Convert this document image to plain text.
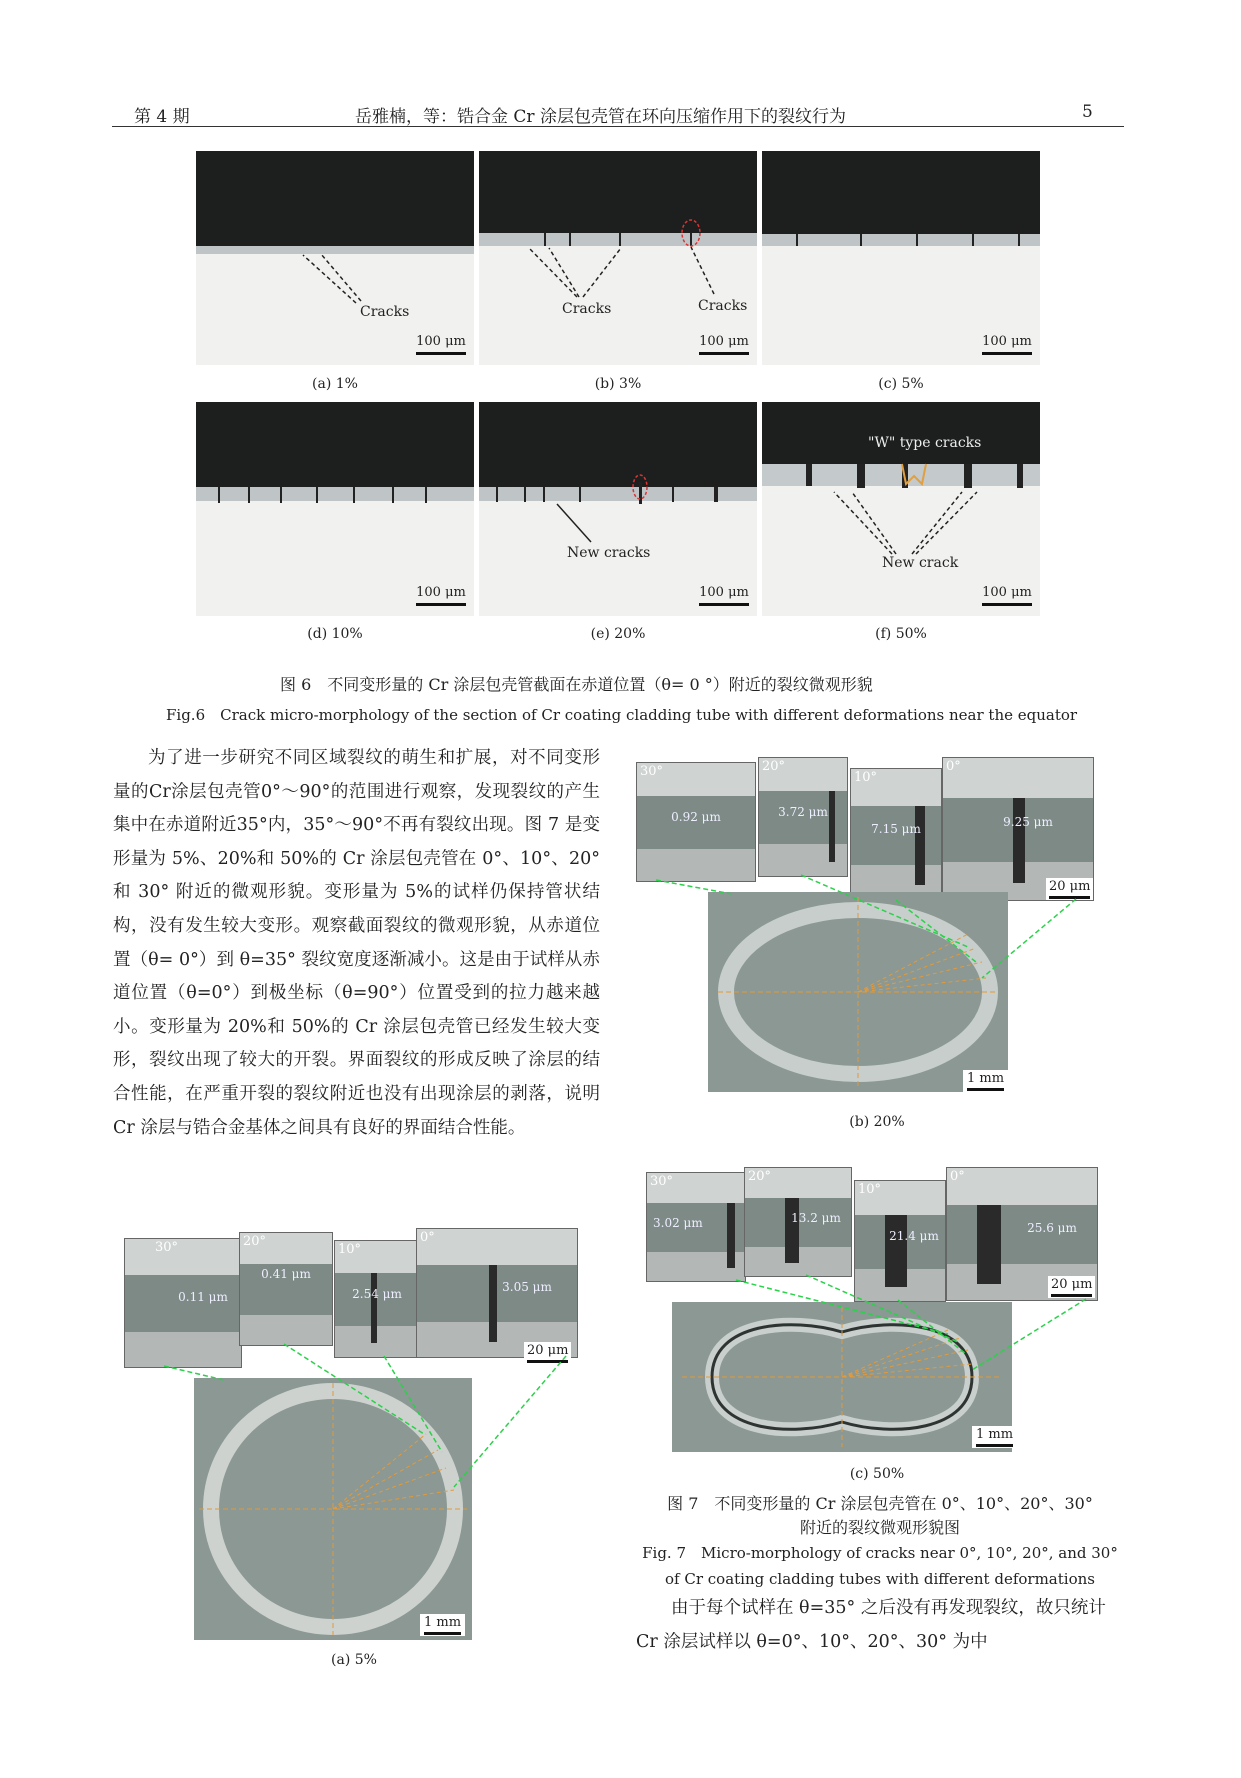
第 4 期	岳雅楠，等：锆合金 Cr 涂层包壳管在环向压缩作用下的裂纹行为	5
Cracks
100 μm
(a) 1%
Cracks	Cracks
100 μm
(b) 3%
100 μm
(c) 5%
100 μm
(d) 10%
New cracks
100 μm
(e) 20%
"W" type cracks
New crack
100 μm
(f) 50%
图 6　不同变形量的 Cr 涂层包壳管截面在赤道位置（θ= 0 °）附近的裂纹微观形貌
Fig.6　Crack micro-morphology of the section of Cr coating cladding tube with different deformations near the equator

为了进一步研究不同区域裂纹的萌生和扩展，对不同变形量的Cr涂层包壳管0°～90°的范围进行观察，发现裂纹的产生集中在赤道附近35°内，35°～90°不再有裂纹出现。图 7 是变形量为 5%、20%和 50%的 Cr 涂层包壳管在 0°、10°、20° 和 30° 附近的微观形貌。变形量为 5%的试样仍保持管状结构，没有发生较大变形。观察截面裂纹的微观形貌，从赤道位置（θ= 0°）到 θ=35° 裂纹宽度逐渐减小。这是由于试样从赤道位置（θ=0°）到极坐标（θ=90°）位置受到的拉力越来越小。变形量为 20%和 50%的 Cr 涂层包壳管已经发生较大变形，裂纹出现了较大的开裂。界面裂纹的形成反映了涂层的结合性能，在严重开裂的裂纹附近也没有出现涂层的剥落，说明 Cr 涂层与锆合金基体之间具有良好的界面结合性能。

30°
0.92 μm
20°
3.72 μm
10°
7.15 μm
0°
9.25 μm
20 μm
1 mm
(b) 20%
30°
3.02 μm
20°
13.2 μm
10°
21.4 μm
0°
25.6 μm
20 μm
1 mm
(c) 50%
图 7　不同变形量的 Cr 涂层包壳管在 0°、10°、20°、30°
附近的裂纹微观形貌图
Fig. 7　Micro-morphology of cracks near 0°, 10°, 20°, and 30°
of Cr coating cladding tubes with different deformations

由于每个试样在 θ=35° 之后没有再发现裂纹，故只统计 Cr 涂层试样以 θ=0°、10°、20°、30° 为中

30°
0.11 μm
20°
0.41 μm
10°
2.54 μm
0°
3.05 μm
20 μm
1 mm
(a) 5%
